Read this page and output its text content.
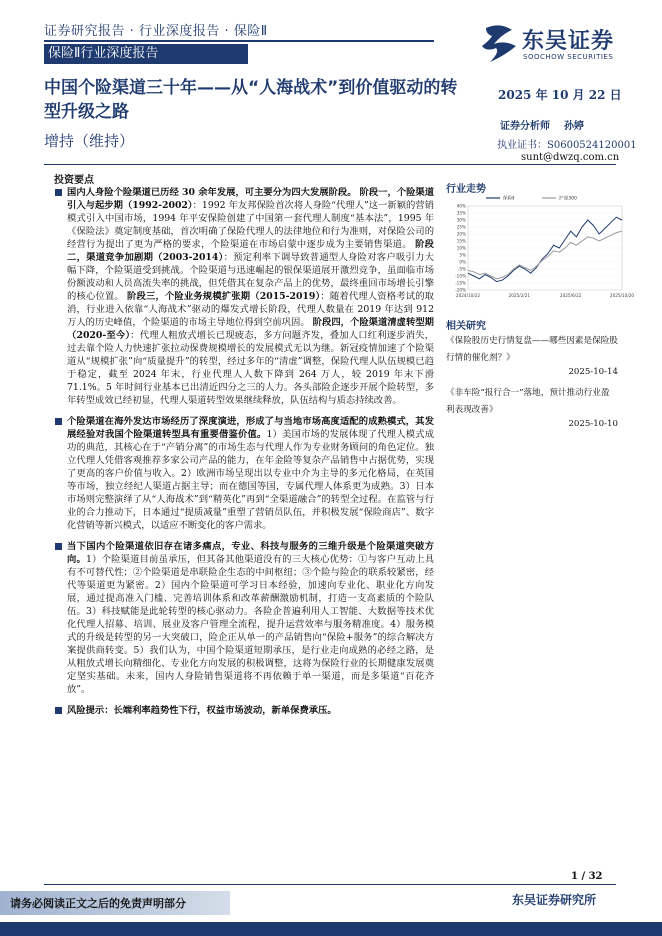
证券研究报告 · 行业深度报告 · 保险Ⅱ
保险Ⅱ行业深度报告	东吴证券
SOOCHOW SECURITIES
中国个险渠道三十年——从“人海战术”到价值驱动的转型升级之路
2025 年 10 月 22 日
增持（维持）
证券分析师 孙婷
执业证书：S0600524120001
sunt@dwzq.com.cn
投资要点
国内人身险个险渠道已历经 30 余年发展，可主要分为四大发展阶段。 阶段一，个险渠道引入与起步期（1992-2002）：1992 年友邦保险首次将人身险“代理人”这一新颖的营销模式引入中国市场，1994 年平安保险创建了中国第一套代理人制度“基本法”，1995 年《保险法》奠定制度基础，首次明确了保险代理人的法律地位和行为准则，对保险公司的经营行为提出了更为严格的要求，个险渠道在市场启蒙中逐步成为主要销售渠道。 阶段二，渠道竞争加剧期（2003-2014）：预定利率下调导致普通型人身险对客户吸引力大幅下降，个险渠道受到挑战。个险渠道与迅速崛起的银保渠道展开激烈竞争，虽面临市场份额波动和人员高流失率的挑战，但凭借其在复杂产品上的优势，最终重回市场增长引擎的核心位置。 阶段三，个险业务规模扩张期（2015-2019）：随着代理人资格考试的取消，行业进入依靠“人海战术”驱动的爆发式增长阶段，代理人数量在 2019 年达到 912 万人的历史峰值，个险渠道的市场主导地位得到空前巩固。 阶段四，个险渠道清虚转型期（2020-至今）：代理人粗放式增长已现疲态，多方问题齐发，叠加人口红利逐步消失，过去靠个险人力快速扩张拉动保费规模增长的发展模式无以为继。新冠疫情加速了个险渠道从“规模扩张”向“质量提升”的转型，经过多年的“清虚”调整，保险代理人队伍规模已趋于稳定，截至 2024 年末，行业代理人人数下降到 264 万人，较 2019 年末下滑 71.1%。5 年时间行业基本已出清近四分之三的人力。各头部险企逐步开展个险转型，多年转型成效已经初显，代理人渠道转型效果继续释放，队伍结构与质态持续改善。
个险渠道在海外发达市场经历了深度演进，形成了与当地市场高度适配的成熟模式，其发展经验对我国个险渠道转型具有重要借鉴价值。1）美国市场的发展体现了代理人模式成功的典范，其核心在于“产销分离”的市场生态与代理人作为专业财务顾问的角色定位。独立代理人凭借客观推荐多家公司产品的能力，在年金险等复杂产品销售中占据优势，实现了更高的客户价值与收入。2）欧洲市场呈现出以专业中介为主导的多元化格局，在英国等市场，独立经纪人渠道占据主导；而在德国等国，专属代理人体系更为成熟。3）日本市场则完整演绎了从“人海战术”到“精英化”再到“全渠道融合”的转型全过程。在监管与行业的合力推动下，日本通过“提质减量”重塑了营销员队伍，并积极发展“保险商店”、数字化营销等新兴模式，以适应不断变化的客户需求。
当下国内个险渠道依旧存在诸多痛点，专业、科技与服务的三维升级是个险渠道突破方向。1）个险渠道目前虽承压，但其备其他渠道没有的三大核心优势：①与客户互动上具有不可替代性；②个险渠道是串联险企生态的中间枢纽；③个险与险企的联系较紧密，经代等渠道更为紧密。2）国内个险渠道可学习日本经验，加速向专业化、职业化方向发展，通过提高准入门槛、完善培训体系和改革薪酬激励机制，打造一支高素质的个险队伍。3）科技赋能是此轮转型的核心驱动力。各险企普遍利用人工智能、大数据等技术优化代理人招募、培训、展业及客户管理全流程，提升运营效率与服务精准度。4）服务模式的升级是转型的另一大突破口，险企正从单一的产品销售向“保险+服务”的综合解决方案提供商转变。5）我们认为，中国个险渠道短期承压，是行业走向成熟的必经之路，是从粗放式增长向精细化、专业化方向发展的积极调整，这将为保险行业的长期健康发展奠定坚实基础。未来，国内人身险销售渠道将不再依赖于单一渠道，而是多渠道“百花齐放”。
风险提示：长端利率趋势性下行，权益市场波动，新单保费承压。
行业走势
40%
35%
30%
25%
20%
15%
10%
5%
0%
-5%
-10%
-15%
-20%
2024/10/22	2025/2/21	2025/6/22	2025/10/20
保险Ⅱ	沪深300
相关研究
《保险股历史行情复盘——哪些因素是保险股行情的催化剂？》
2025-10-14
《非车险“报行合一”落地，预计推动行业盈利表现改善》
2025-10-10
1 / 32
请务必阅读正文之后的免责声明部分	东吴证券研究所
